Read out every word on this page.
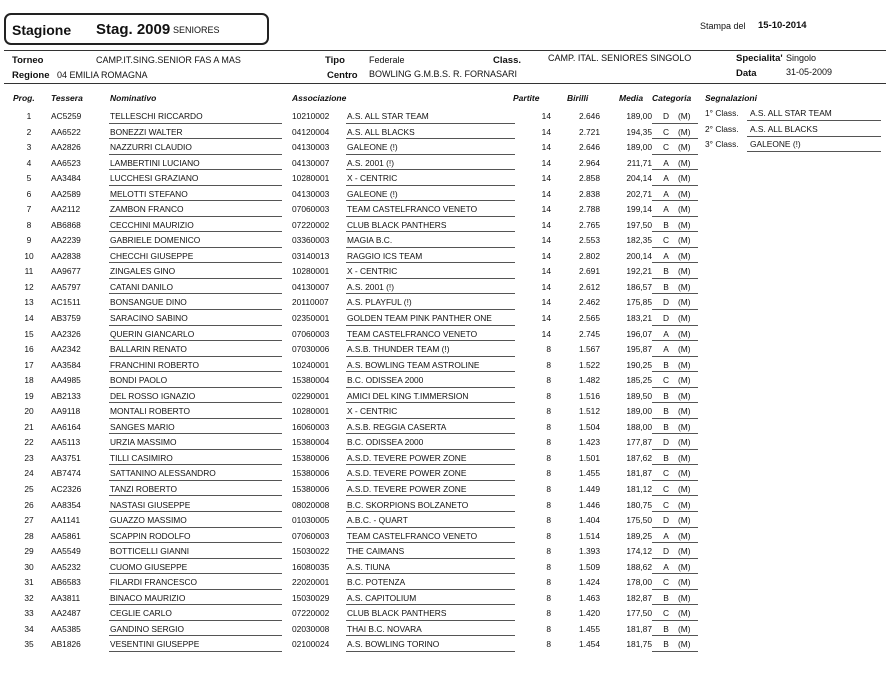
Stagione Stag. 2009 SENIORES	Stampa del 15-10-2014
Torneo	CAMP.IT.SING.SENIOR FAS A MAS	Tipo	Federale	Class.	CAMP. ITAL. SENIORES SINGOLO	Specialita' Singolo
Regione 04 EMILIA ROMAGNA	Centro BOWLING G.M.B.S. R. FORNASARI	Data	31-05-2009
Prog. Tessera	Nominativo	Associazione	Partite	Birilli	Media Categoria Segnalazioni
1	AC5259	TELLESCHI RICCARDO	10210002 A.S. ALL STAR TEAM	14	2.646	189,00	D	(M)
2	AA6522	BONEZZI WALTER	04120004 A.S. ALL BLACKS	14	2.721	194,35	C	(M)
3	AA2826	NAZZURRI CLAUDIO	04130003 GALEONE (!)	14	2.646	189,00	C	(M)
4	AA6523	LAMBERTINI LUCIANO	04130007 A.S. 2001 (!)	14	2.964	211,71	A	(M)
5	AA3484	LUCCHESI GRAZIANO	10280001 X - CENTRIC	14	2.858	204,14	A	(M)
6	AA2589	MELOTTI STEFANO	04130003 GALEONE (!)	14	2.838	202,71	A	(M)
7	AA2112	ZAMBON FRANCO	07060003 TEAM CASTELFRANCO VENETO	14	2.788	199,14	A	(M)
8	AB6868	CECCHINI MAURIZIO	07220002 CLUB BLACK PANTHERS	14	2.765	197,50	B	(M)
9	AA2239	GABRIELE DOMENICO	03360003 MAGIA B.C.	14	2.553	182,35	C	(M)
10	AA2838	CHECCHI GIUSEPPE	03140013 RAGGIO ICS TEAM	14	2.802	200,14	A	(M)
11	AA9677	ZINGALES GINO	10280001 X - CENTRIC	14	2.691	192,21	B	(M)
12	AA5797	CATANI DANILO	04130007 A.S. 2001 (!)	14	2.612	186,57	B	(M)
13	AC1511	BONSANGUE DINO	20110007 A.S. PLAYFUL (!)	14	2.462	175,85	D	(M)
14	AB3759	SARACINO SABINO	02350001 GOLDEN TEAM PINK PANTHER ONE	14	2.565	183,21	D	(M)
15	AA2326	QUERIN GIANCARLO	07060003 TEAM CASTELFRANCO VENETO	14	2.745	196,07	A	(M)
16	AA2342	BALLARIN RENATO	07030006 A.S.B. THUNDER TEAM (!)	8	1.567	195,87	A	(M)
17	AA3584	FRANCHINI ROBERTO	10240001 A.S. BOWLING TEAM ASTROLINE	8	1.522	190,25	B	(M)
18	AA4985	BONDI PAOLO	15380004 B.C. ODISSEA 2000	8	1.482	185,25	C	(M)
19	AB2133	DEL ROSSO IGNAZIO	02290001 AMICI DEL KING T.IMMERSION	8	1.516	189,50	B	(M)
20	AA9118	MONTALI ROBERTO	10280001 X - CENTRIC	8	1.512	189,00	B	(M)
21	AA6164	SANGES MARIO	16060003 A.S.B. REGGIA CASERTA	8	1.504	188,00	B	(M)
22	AA5113	URZIA MASSIMO	15380004 B.C. ODISSEA 2000	8	1.423	177,87	D	(M)
23	AA3751	TILLI CASIMIRO	15380006 A.S.D. TEVERE POWER ZONE	8	1.501	187,62	B	(M)
24	AB7474	SATTANINO ALESSANDRO	15380006 A.S.D. TEVERE POWER ZONE	8	1.455	181,87	C	(M)
25	AC2326	TANZI ROBERTO	15380006 A.S.D. TEVERE POWER ZONE	8	1.449	181,12	C	(M)
26	AA8354	NASTASI GIUSEPPE	08020008 B.C. SKORPIONS BOLZANETO	8	1.446	180,75	C	(M)
27	AA1141	GUAZZO MASSIMO	01030005 A.B.C. - QUART	8	1.404	175,50	D	(M)
28	AA5861	SCAPPIN RODOLFO	07060003 TEAM CASTELFRANCO VENETO	8	1.514	189,25	A	(M)
29	AA5549	BOTTICELLI GIANNI	15030022 THE CAIMANS	8	1.393	174,12	D	(M)
30	AA5232	CUOMO GIUSEPPE	16080035 A.S. TIUNA	8	1.509	188,62	A	(M)
31	AB6583	FILARDI FRANCESCO	22020001 B.C. POTENZA	8	1.424	178,00	C	(M)
32	AA3811	BINACO MAURIZIO	15030029 A.S. CAPITOLIUM	8	1.463	182,87	B	(M)
33	AA2487	CEGLIE CARLO	07220002 CLUB BLACK PANTHERS	8	1.420	177,50	C	(M)
34	AA5385	GANDINO SERGIO	02030008 THAI B.C. NOVARA	8	1.455	181,87	B	(M)
35	AB1826	VESENTINI GIUSEPPE	02100024 A.S. BOWLING TORINO	8	1.454	181,75	B	(M)
1° Class. A.S. ALL STAR TEAM
2° Class. A.S. ALL BLACKS
3° Class. GALEONE (!)
